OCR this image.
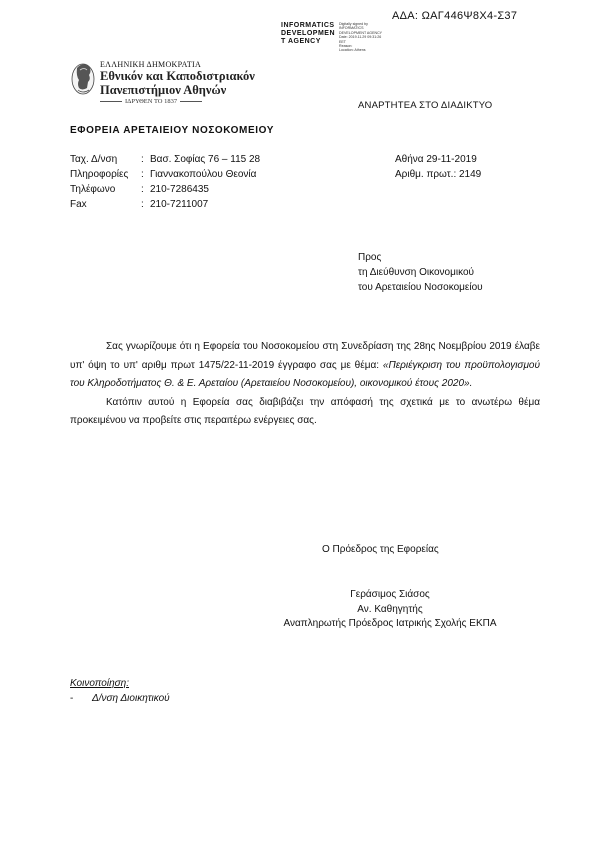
ΑΔΑ: ΩΑΓ446Ψ8Χ4-Σ37
INFORMATICS
DEVELOPMEN
T AGENCY
Digitally signed by
INFORMATICS
DEVELOPMENT AGENCY
Date: 2019.11.29 09:31:26
EET
Reason:
Location: Athens
ΕΛΛΗΝΙΚΗ ΔΗΜΟΚΡΑΤΙΑ
Εθνικόν και Καποδιστριακόν
Πανεπιστήμιον Αθηνών
ΙΔΡΥΘΕΝ ΤΟ 1837	ΑΝΑΡΤΗΤΕΑ ΣΤΟ ΔΙΑΔΙΚΤΥΟ
ΕΦΟΡΕΙΑ ΑΡΕΤΑΙΕΙΟΥ ΝΟΣΟΚΟΜΕΙΟΥ
Ταχ. Δ/νση	: Βασ. Σοφίας 76 – 115 28
Πληροφορίες	: Γιαννακοπούλου Θεονία
Τηλέφωνο	: 210-7286435
Fax	: 210-7211007
Αθήνα 29-11-2019
Αριθμ. πρωτ.: 2149
Προς
τη Διεύθυνση Οικονομικού
του Αρεταιείου Νοσοκομείου

Σας γνωρίζουμε ότι η Εφορεία του Νοσοκομείου στη Συνεδρίαση της 28ης Νοεμβρίου 2019 έλαβε υπ' όψη το υπ' αριθμ πρωτ 1475/22-11-2019 έγγραφο σας με θέμα: «Περιέγκριση του προϋπολογισμού του Κληροδοτήματος Θ. & Ε. Αρεταίου (Αρεταιείου Νοσοκομείου), οικονομικού έτους 2020».

Κατόπιν αυτού η Εφορεία σας διαβιβάζει την απόφασή της σχετικά με το ανωτέρω θέμα προκειμένου να προβείτε στις περαιτέρω ενέργειες σας.

Ο Πρόεδρος της Εφορείας
Γεράσιμος Σιάσος
Αν. Καθηγητής
Αναπληρωτής Πρόεδρος Ιατρικής Σχολής ΕΚΠΑ
Κοινοποίηση:
-	Δ/νση Διοικητικού
